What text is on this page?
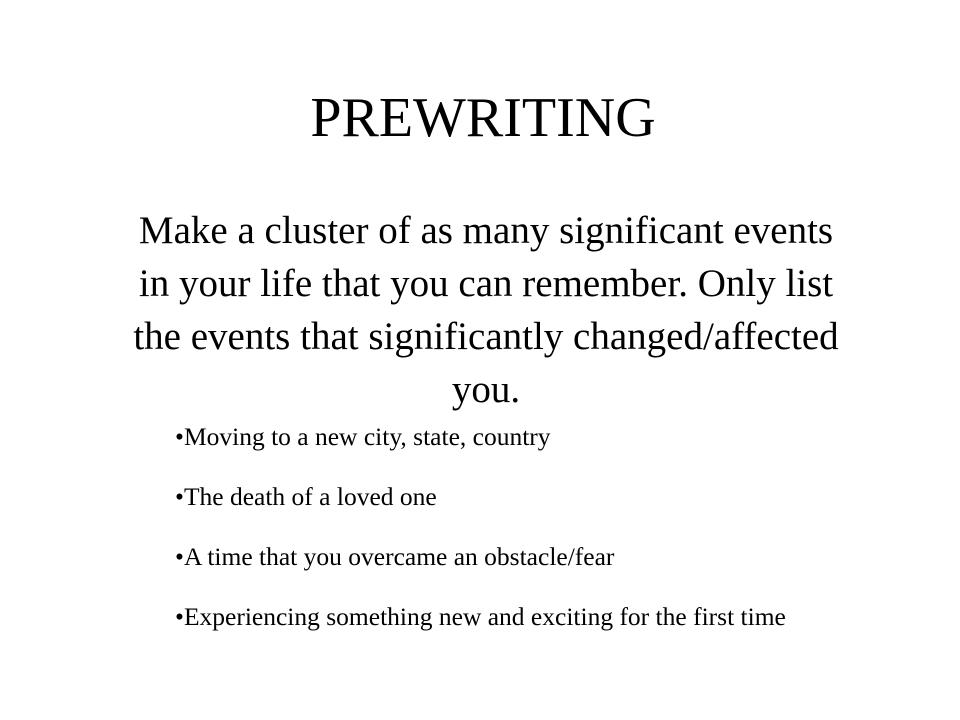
PREWRITING

Make a cluster of as many significant events in your life that you can remember. Only list the events that significantly changed/affected you.

•Moving to a new city, state, country
•The death of a loved one
•A time that you overcame an obstacle/fear
•Experiencing something new and exciting for the first time
